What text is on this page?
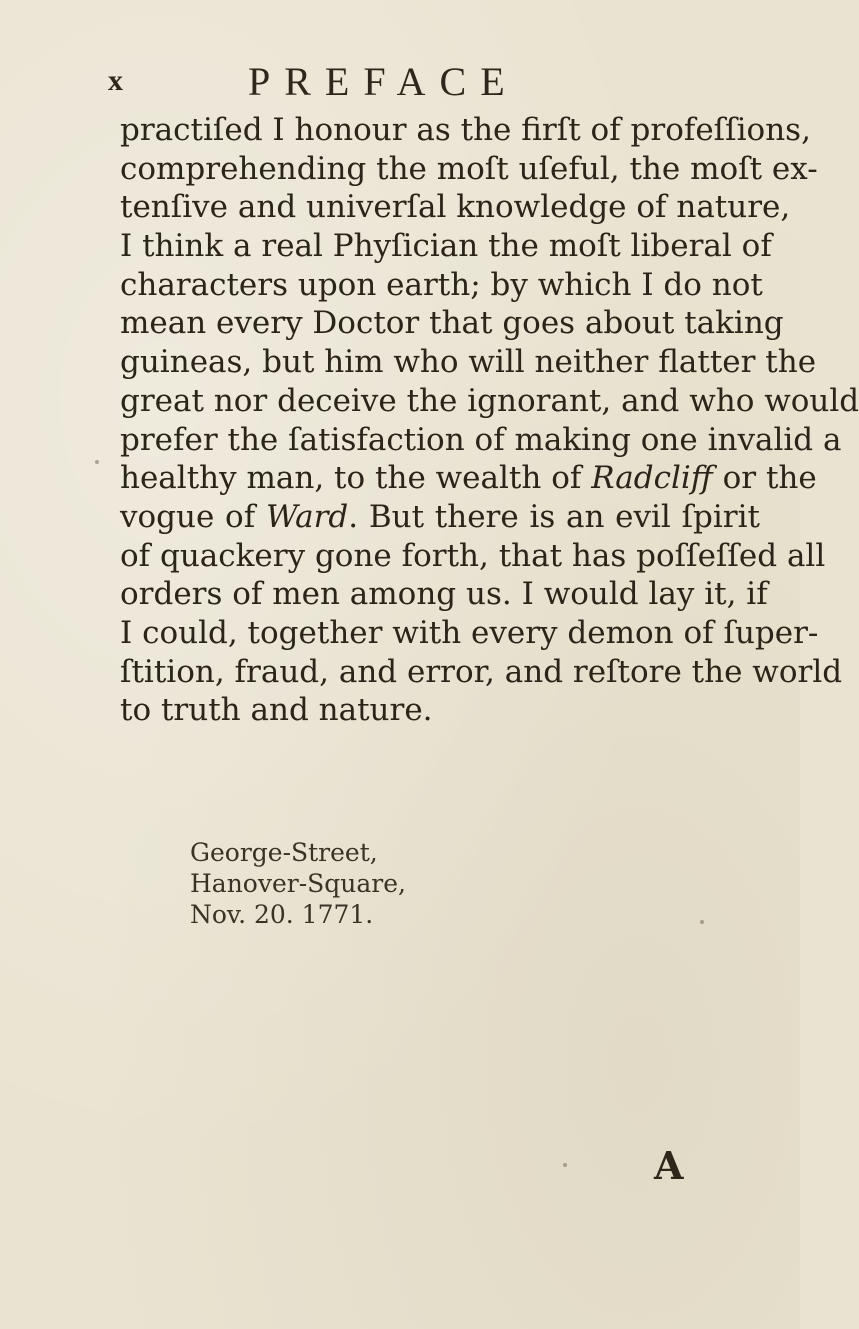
x	PREFACE
practiſed I honour as the firſt of profeſſions,
comprehending the moſt uſeful, the moſt ex-
tenſive and univerſal knowledge of nature,
I think a real Phyſician the moſt liberal of
characters upon earth; by which I do not
mean every Doctor that goes about taking
guineas, but him who will neither flatter the
great nor deceive the ignorant, and who would
prefer the ſatisfaction of making one invalid a
healthy man, to the wealth of Radcliff or the
vogue of Ward. But there is an evil ſpirit
of quackery gone forth, that has poſſeſſed all
orders of men among us. I would lay it, if
I could, together with every demon of ſuper-
ſtition, fraud, and error, and reſtore the world
to truth and nature.
George-Street,
Hanover-Square,
Nov. 20. 1771.
A
